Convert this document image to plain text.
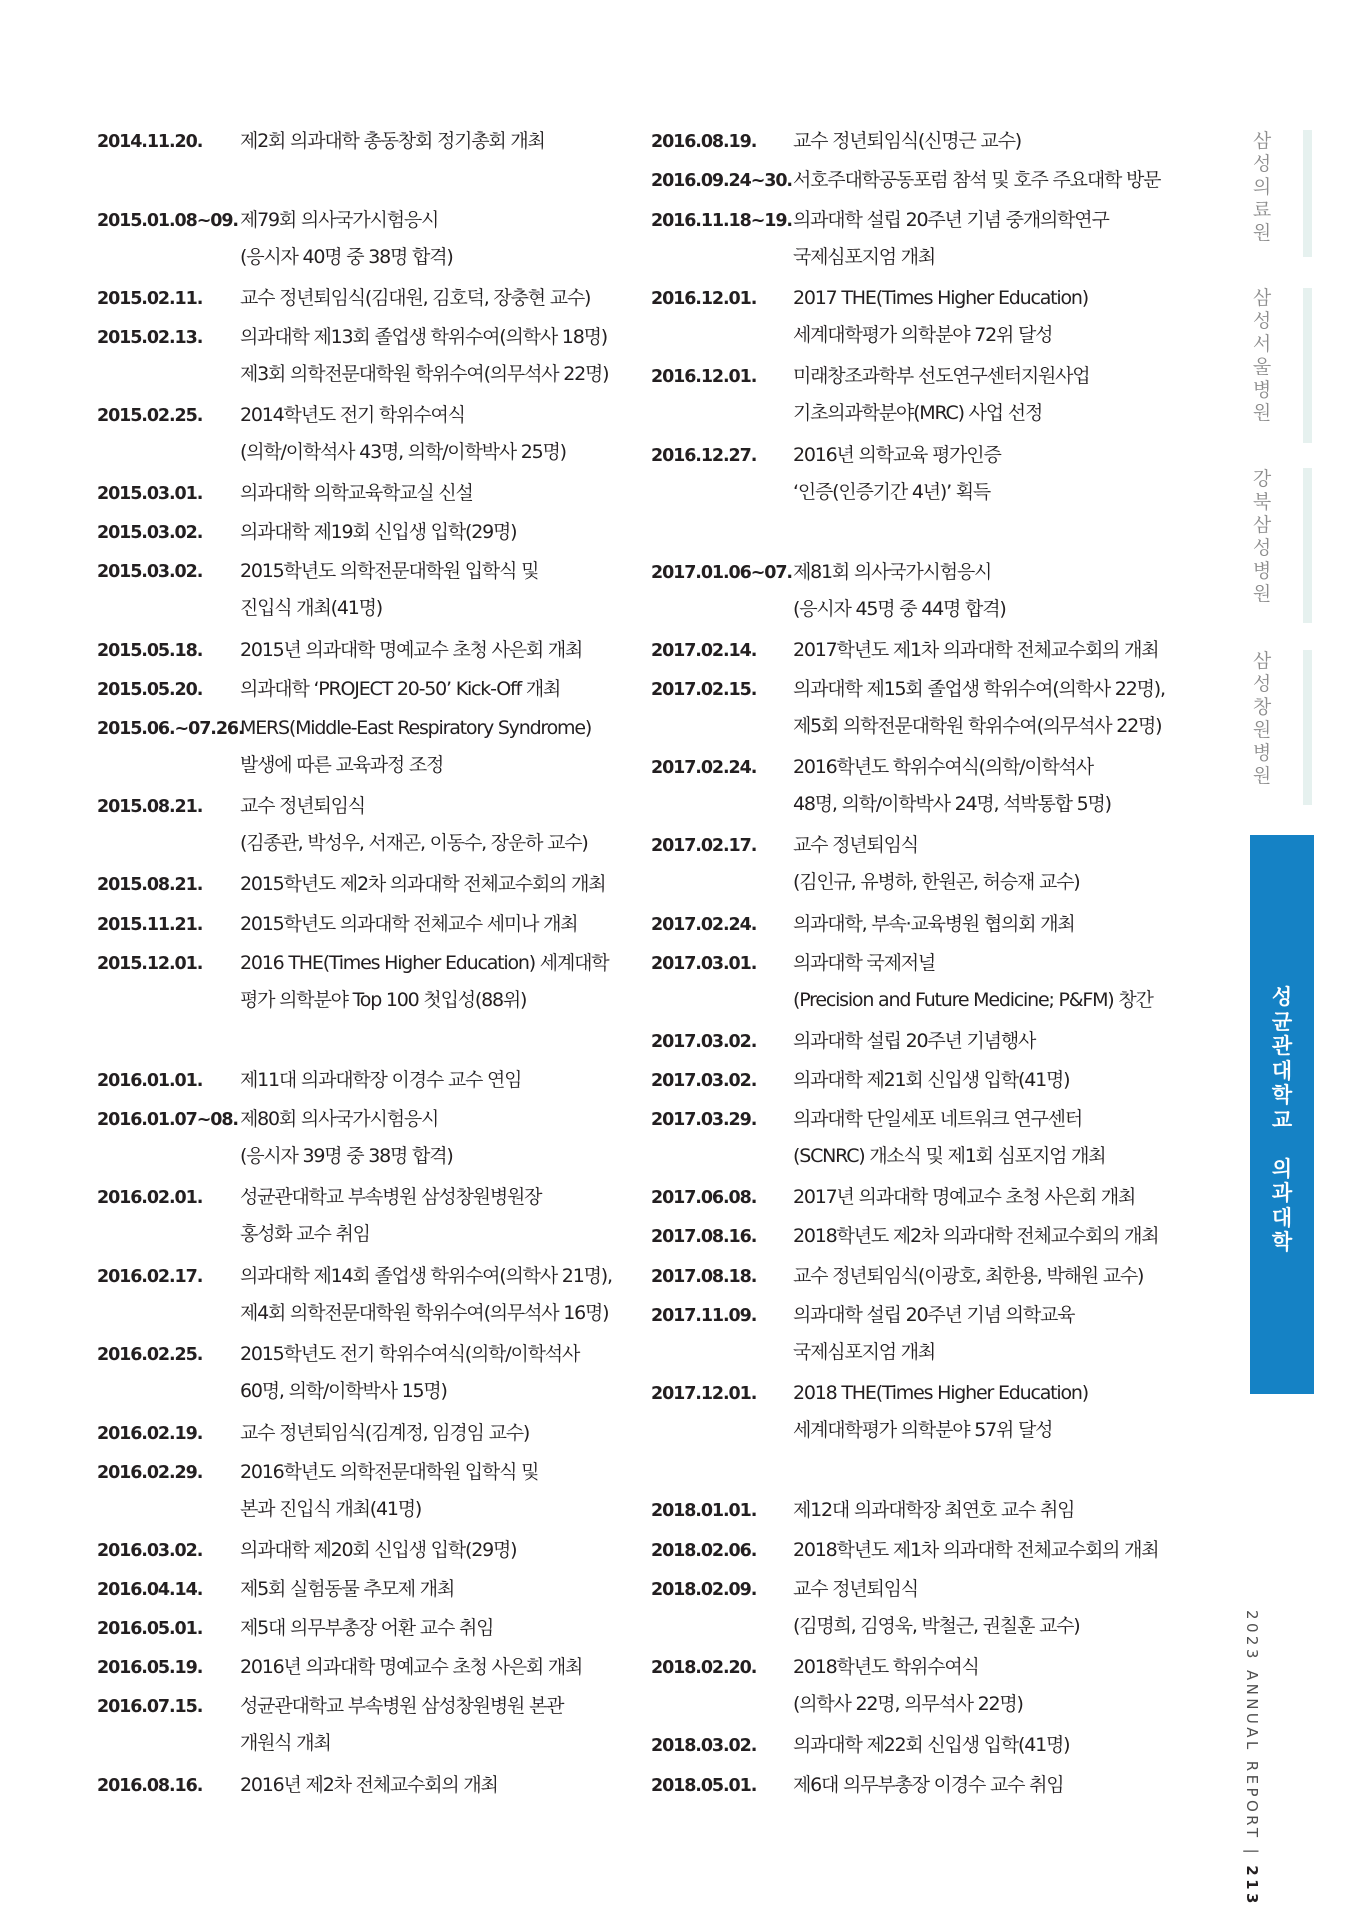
2014.11.20. 제2회 의과대학 총동창회 정기총회 개최
2015.01.08~09. 제79회 의사국가시험응시
(응시자 40명 중 38명 합격)
2015.02.11. 교수 정년퇴임식(김대원, 김호덕, 장충현 교수)
2015.02.13. 의과대학 제13회 졸업생 학위수여(의학사 18명)
제3회 의학전문대학원 학위수여(의무석사 22명)
2015.02.25. 2014학년도 전기 학위수여식
(의학/이학석사 43명, 의학/이학박사 25명)
2015.03.01. 의과대학 의학교육학교실 신설
2015.03.02. 의과대학 제19회 신입생 입학(29명)
2015.03.02. 2015학년도 의학전문대학원 입학식 및
진입식 개최(41명)
2015.05.18. 2015년 의과대학 명예교수 초청 사은회 개최
2015.05.20. 의과대학 ‘PROJECT 20-50’ Kick-Off 개최
2015.06.~07.26.
MERS(Middle-East Respiratory Syndrome)
발생에 따른 교육과정 조정
2015.08.21. 교수 정년퇴임식
(김종관, 박성우, 서재곤, 이동수, 장운하 교수)
2015.08.21. 2015학년도 제2차 의과대학 전체교수회의 개최
2015.11.21. 2015학년도 의과대학 전체교수 세미나 개최
2015.12.01. 2016 THE(Times Higher Education) 세계대학
평가 의학분야 Top 100 첫입성(88위)
2016.01.01. 제11대 의과대학장 이경수 교수 연임
2016.01.07~08. 제80회 의사국가시험응시
(응시자 39명 중 38명 합격)
2016.02.01. 성균관대학교 부속병원 삼성창원병원장
홍성화 교수 취임
2016.02.17. 의과대학 제14회 졸업생 학위수여(의학사 21명),
제4회 의학전문대학원 학위수여(의무석사 16명)
2016.02.25. 2015학년도 전기 학위수여식(의학/이학석사
60명, 의학/이학박사 15명)
2016.02.19. 교수 정년퇴임식(김계정, 임경임 교수)
2016.02.29. 2016학년도 의학전문대학원 입학식 및
본과 진입식 개최(41명)
2016.03.02. 의과대학 제20회 신입생 입학(29명)
2016.04.14. 제5회 실험동물 추모제 개최
2016.05.01. 제5대 의무부총장 어환 교수 취임
2016.05.19. 2016년 의과대학 명예교수 초청 사은회 개최
2016.07.15. 성균관대학교 부속병원 삼성창원병원 본관
개원식 개최
2016.08.16. 2016년 제2차 전체교수회의 개최
2016.08.19. 교수 정년퇴임식(신명근 교수)
2016.09.24~30. 서호주대학공동포럼 참석 및 호주 주요대학 방문
2016.11.18~19. 의과대학 설립 20주년 기념 중개의학연구
국제심포지엄 개최
2016.12.01. 2017 THE(Times Higher Education)
세계대학평가 의학분야 72위 달성
2016.12.01. 미래창조과학부 선도연구센터지원사업
기초의과학분야(MRC) 사업 선정
2016.12.27. 2016년 의학교육 평가인증
‘인증(인증기간 4년)’ 획득
2017.01.06~07. 제81회 의사국가시험응시
(응시자 45명 중 44명 합격)
2017.02.14. 2017학년도 제1차 의과대학 전체교수회의 개최
2017.02.15. 의과대학 제15회 졸업생 학위수여(의학사 22명),
제5회 의학전문대학원 학위수여(의무석사 22명)
2017.02.24. 2016학년도 학위수여식(의학/이학석사
48명, 의학/이학박사 24명, 석박통합 5명)
2017.02.17. 교수 정년퇴임식
(김인규, 유병하, 한원곤, 허승재 교수)
2017.02.24. 의과대학, 부속·교육병원 협의회 개최
2017.03.01. 의과대학 국제저널
(Precision and Future Medicine; P&FM) 창간
2017.03.02. 의과대학 설립 20주년 기념행사
2017.03.02. 의과대학 제21회 신입생 입학(41명)
2017.03.29. 의과대학 단일세포 네트워크 연구센터
(SCNRC) 개소식 및 제1회 심포지엄 개최
2017.06.08. 2017년 의과대학 명예교수 초청 사은회 개최
2017.08.16. 2018학년도 제2차 의과대학 전체교수회의 개최
2017.08.18. 교수 정년퇴임식(이광호, 최한용, 박해원 교수)
2017.11.09. 의과대학 설립 20주년 기념 의학교육
국제심포지엄 개최
2017.12.01. 2018 THE(Times Higher Education)
세계대학평가 의학분야 57위 달성
2018.01.01. 제12대 의과대학장 최연호 교수 취임
2018.02.06. 2018학년도 제1차 의과대학 전체교수회의 개최
2018.02.09. 교수 정년퇴임식
(김명희, 김영욱, 박철근, 권칠훈 교수)
2018.02.20. 2018학년도 학위수여식
(의학사 22명, 의무석사 22명)
2018.03.02. 의과대학 제22회 신입생 입학(41명)
2018.05.01. 제6대 의무부총장 이경수 교수 취임
삼
성
의
료
원
삼
성
서
울
병
원
강
북
삼
성
병
원
삼
성
창
원
병
원
성
균
관
대
학
교

의
과
대
학
2023 ANNUAL REPORT | 213
